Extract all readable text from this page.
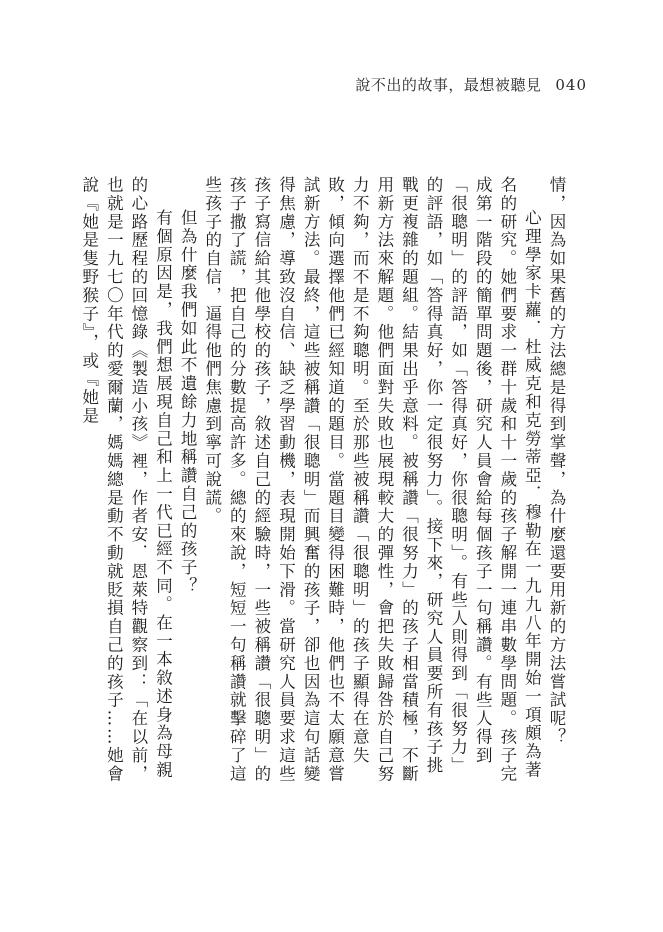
說不出的故事，最想被聽見 040

情，因為如果舊的方法總是得到掌聲，為什麼還要用新的方法嘗試呢？

心理學家卡蘿．杜威克和克勞蒂亞．穆勒在一九九八年開始一項頗為著名的研究。她們要求一群十歲和十一歲的孩子解開一連串數學問題。孩子完成第一階段的簡單問題後，研究人員會給每個孩子一句稱讚。有些人得到「很聰明」的評語，如「答得真好，你很聰明」。有些人則得到「很努力」的評語，如「答得真好，你一定很努力」。接下來，研究人員要所有孩子挑戰更複雜的題組。結果出乎意料。被稱讚「很努力」的孩子相當積極，不斷用新方法來解題。他們面對失敗也展現較大的彈性，會把失敗歸咎於自己努力不夠，而不是不夠聰明。至於那些被稱讚「很聰明」的孩子顯得在意失敗，傾向選擇他們已經知道的題目。當題目變得困難時，他們也不太願意嘗試新方法。最終，這些被稱讚「很聰明」而興奮的孩子，卻也因為這句話變得焦慮，導致沒自信、缺乏學習動機，表現開始下滑。當研究人員要求這些孩子寫信給其他學校的孩子，敘述自己的經驗時，一些被稱讚「很聰明」的孩子撒了謊，把自己的分數提高許多。總的來說，短短一句稱讚就擊碎了這些孩子的自信，逼得他們焦慮到寧可說謊。

但為什麼我們如此不遺餘力地稱讚自己的孩子？

有個原因是，我們想展現自己和上一代已經不同。在一本敘述身為母親的心路歷程的回憶錄《製造小孩》裡，作者安．恩萊特觀察到：「在以前，也就是一九七〇年代的愛爾蘭，媽媽總是動不動就貶損自己的孩子……她會說『她是隻野猴子』，或『她是
